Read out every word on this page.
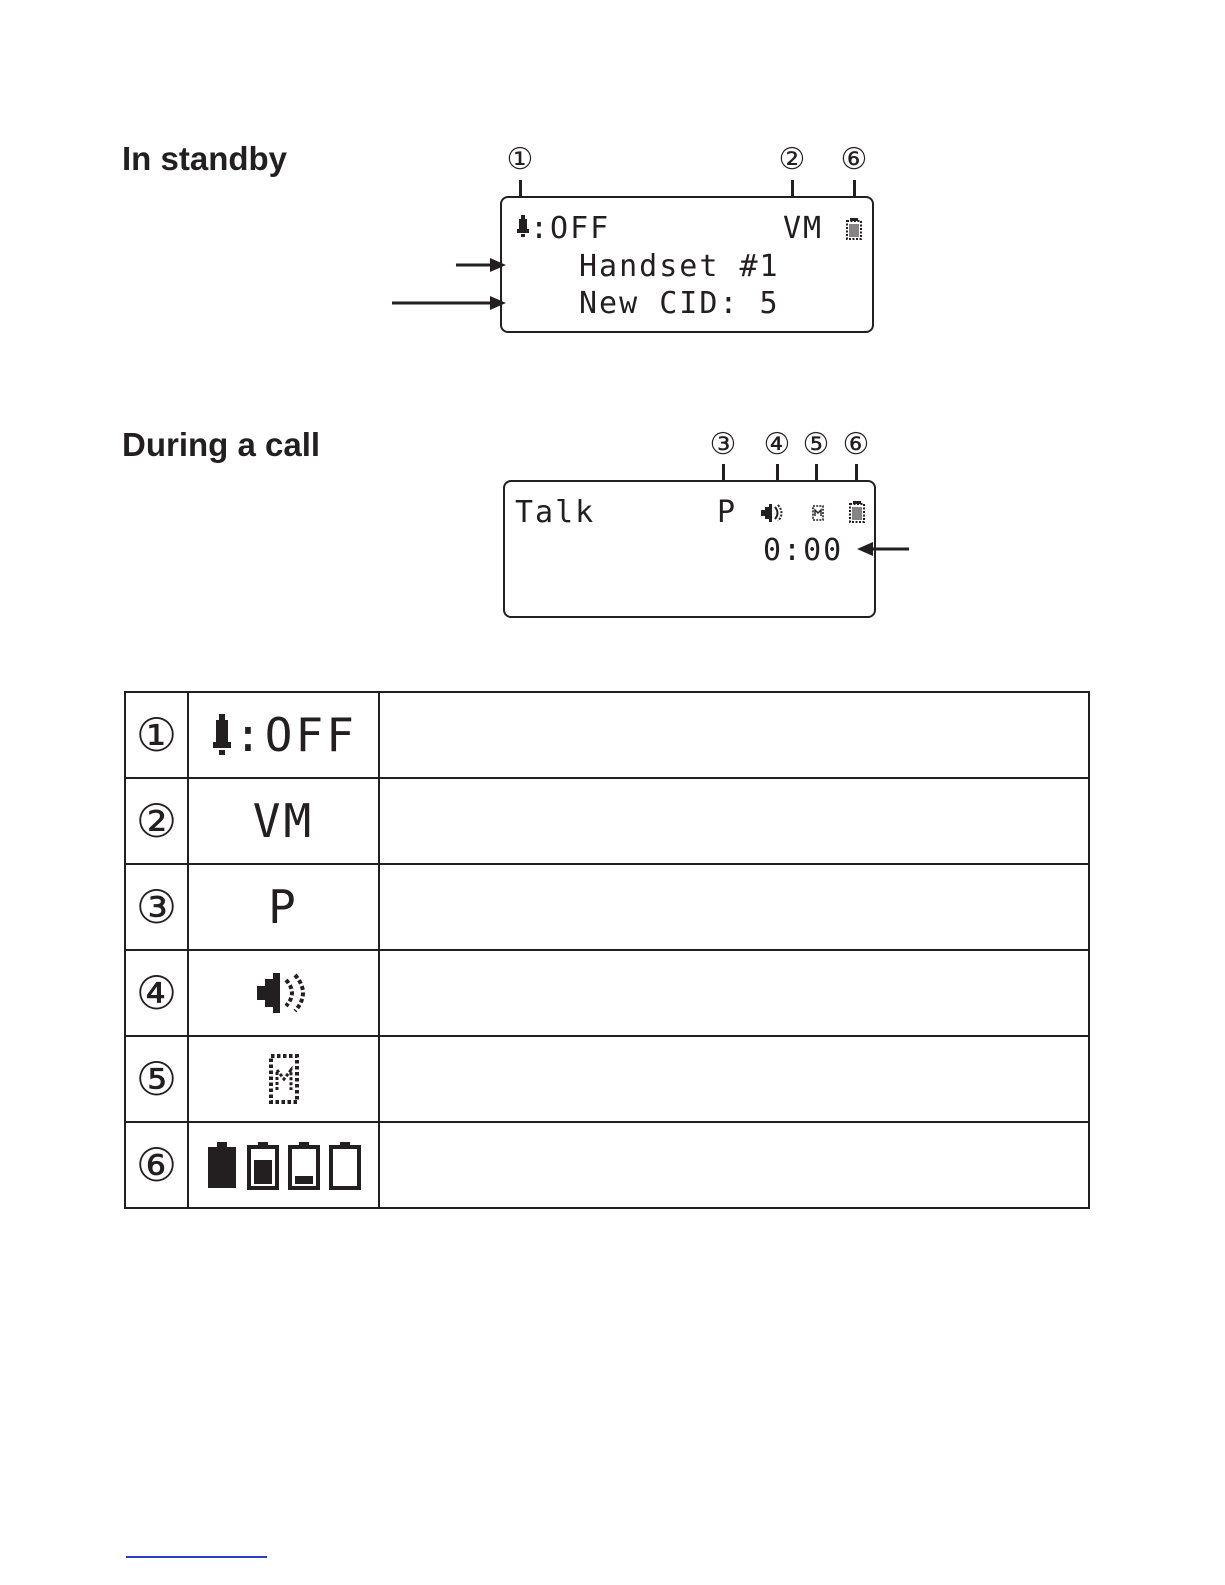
In standby
During a call
①	② ⑥
:OFF	VM
Handset #1
New CID: 5
③ ④ ⑤ ⑥
Talk	P
0:00
①	:OFF	
②	VM	
③	P	
④		
⑤		
⑥		
